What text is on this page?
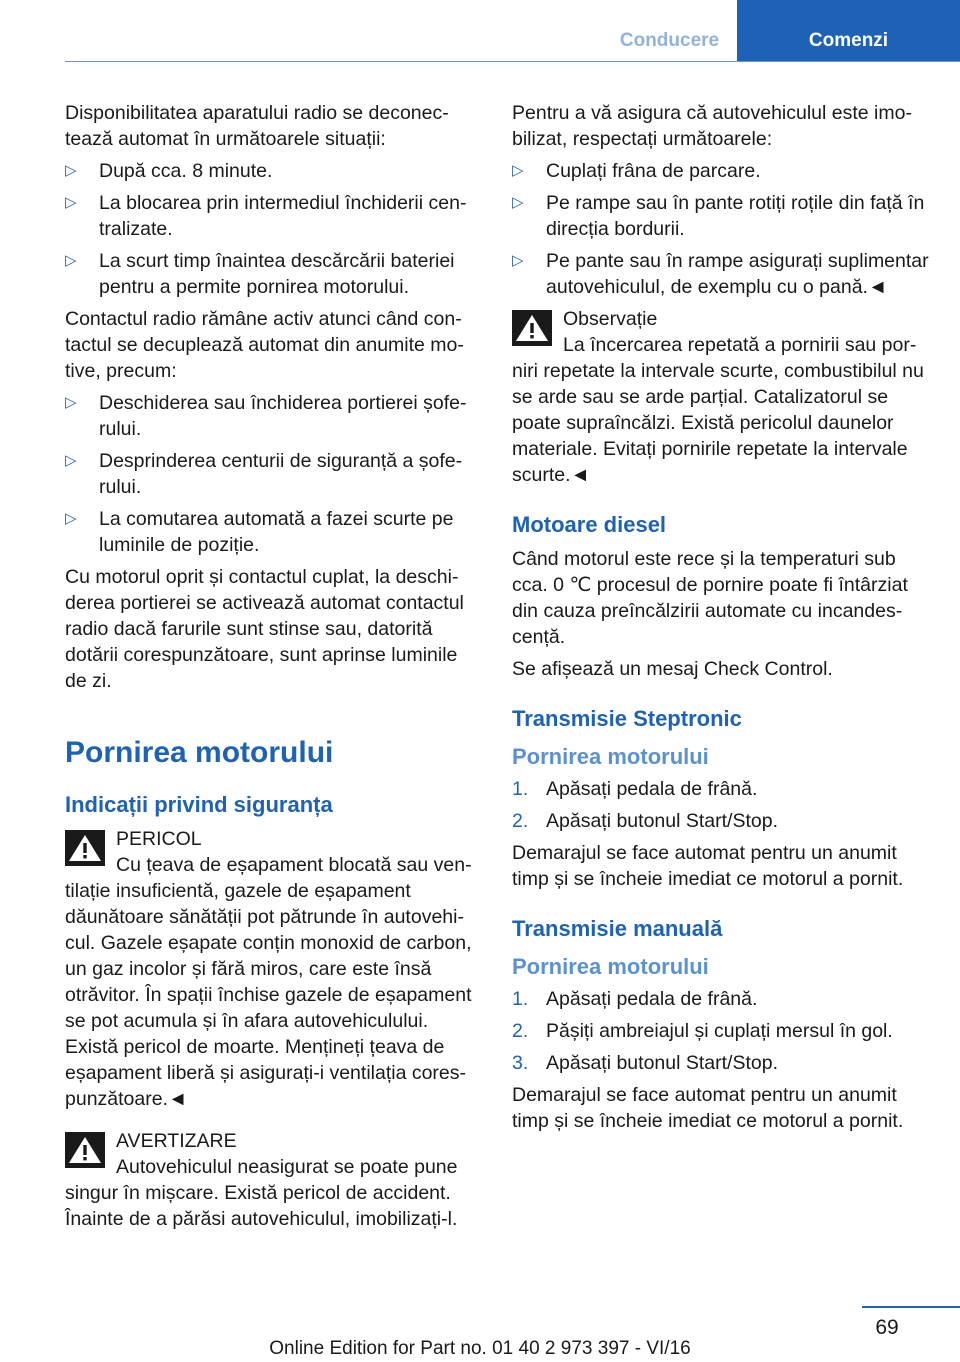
Conducere	Comenzi

Disponibilitatea aparatului radio se deconectează automat în următoarele situații:

▷ După cca. 8 minute.
▷ La blocarea prin intermediul închiderii centralizate.
▷ La scurt timp înaintea descărcării bateriei pentru a permite pornirea motorului.

Contactul radio rămâne activ atunci când contactul se decuplează automat din anumite motive, precum:

▷ Deschiderea sau închiderea portierei șoferului.
▷ Desprinderea centurii de siguranță a șoferului.
▷ La comutarea automată a fazei scurte pe luminile de poziție.

Cu motorul oprit și contactul cuplat, la deschiderea portierei se activează automat contactul radio dacă farurile sunt stinse sau, datorită dotării corespunzătoare, sunt aprinse luminile de zi.

Pornirea motorului
Indicații privind siguranța
PERICOL
Cu țeava de eșapament blocată sau ventilație insuficientă, gazele de eșapament dăunătoare sănătății pot pătrunde în autovehicul. Gazele eșapate conțin monoxid de carbon, un gaz incolor și fără miros, care este însă otrăvitor. În spații închise gazele de eșapament se pot acumula și în afara autovehiculului. Există pericol de moarte. Mențineți țeava de eșapament liberă și asigurați-i ventilația corespunzătoare.◄
AVERTIZARE
Autovehiculul neasigurat se poate pune singur în mișcare. Există pericol de accident. Înainte de a părăsi autovehiculul, imobilizați-l.

Pentru a vă asigura că autovehiculul este imobilizat, respectați următoarele:

▷ Cuplați frâna de parcare.
▷ Pe rampe sau în pante rotiți roțile din față în direcția bordurii.
▷ Pe pante sau în rampe asigurați suplimentar autovehiculul, de exemplu cu o pană.◄
Observație
La încercarea repetată a pornirii sau porniri repetate la intervale scurte, combustibilul nu se arde sau se arde parțial. Catalizatorul se poate supraîncălzi. Există pericolul daunelor materiale. Evitați pornirile repetate la intervale scurte.◄
Motoare diesel

Când motorul este rece și la temperaturi sub cca. 0 ℃ procesul de pornire poate fi întârziat din cauza preîncălzirii automate cu incandescență.

Se afișează un mesaj Check Control.

Transmisie Steptronic
Pornirea motorului
1. Apăsați pedala de frână.
2. Apăsați butonul Start/Stop.

Demarajul se face automat pentru un anumit timp și se încheie imediat ce motorul a pornit.

Transmisie manuală
Pornirea motorului
1. Apăsați pedala de frână.
2. Pășiți ambreiajul și cuplați mersul în gol.
3. Apăsați butonul Start/Stop.

Demarajul se face automat pentru un anumit timp și se încheie imediat ce motorul a pornit.

69
Online Edition for Part no. 01 40 2 973 397 - VI/16
